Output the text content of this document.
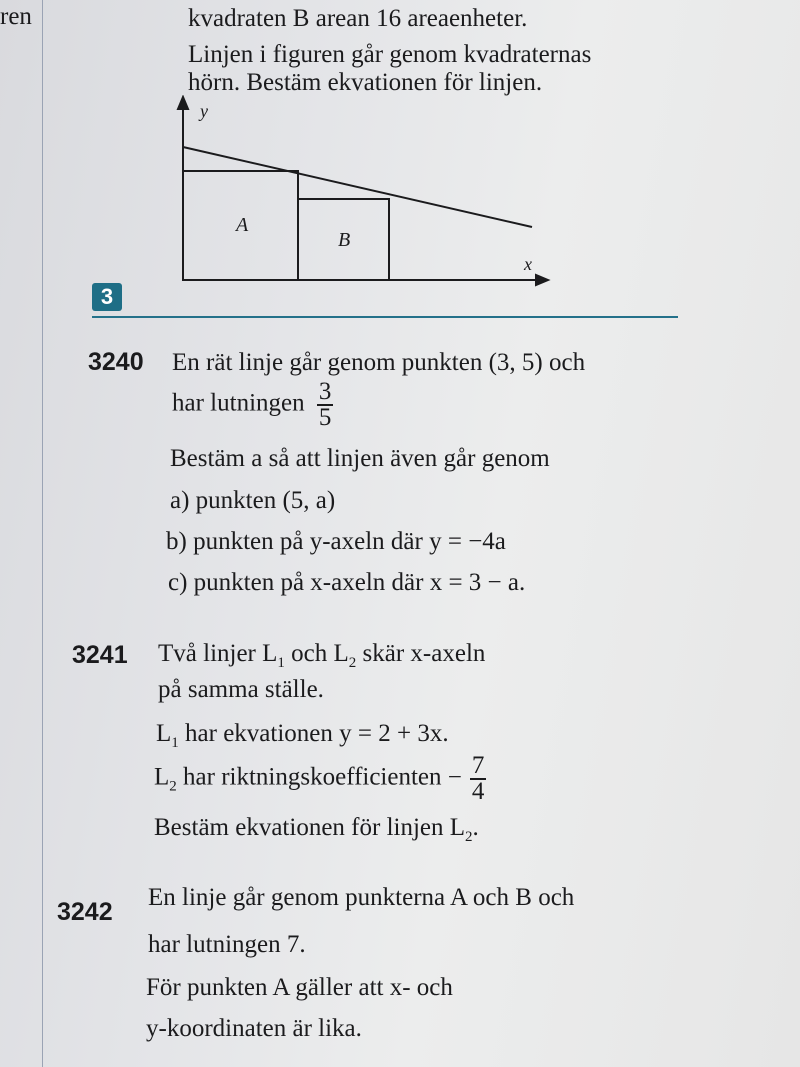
ren	kvadraten B arean 16 areaenheter.
Linjen i figuren går genom kvadraternas
hörn. Bestäm ekvationen för linjen.
y
x
A
B
3
3240 En rät linje går genom punkten (3, 5) och
har lutningen $\frac{3}{5}$
Bestäm a så att linjen även går genom
a) punkten (5, a)
b) punkten på y-axeln där y = −4a
c) punkten på x-axeln där x = 3 − a.
3241 Två linjer $L_1$ och $L_2$ skär x-axeln
på samma ställe.
$L_1$ har ekvationen y = 2 + 3x.
$L_2$ har riktningskoefficienten − $\frac{7}{4}$
Bestäm ekvationen för linjen $L_2$.
3242
En linje går genom punkterna A och B och
har lutningen 7.
För punkten A gäller att x- och
y-koordinaten är lika.
